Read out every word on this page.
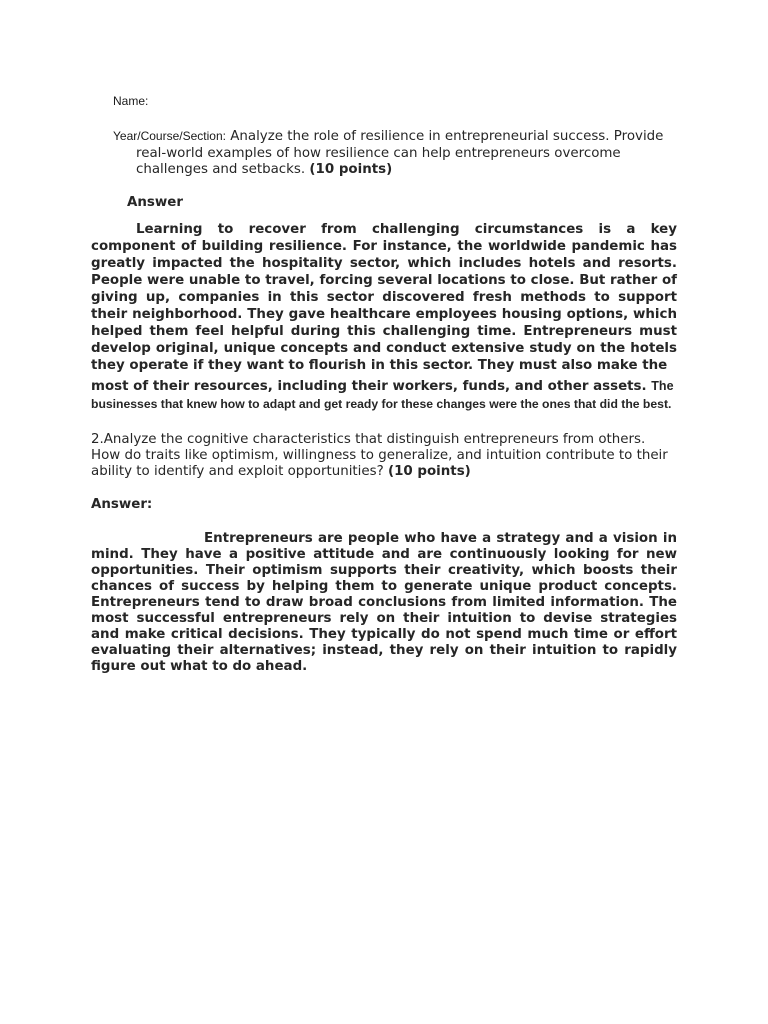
Name:
Year/Course/Section: Analyze the role of resilience in entrepreneurial success. Provide
real-world examples of how resilience can help entrepreneurs overcome challenges and setbacks. (10 points)
Answer
Learning to recover from challenging circumstances is a key component of building resilience. For instance, the worldwide pandemic has greatly impacted the hospitality sector, which includes hotels and resorts. People were unable to travel, forcing several locations to close. But rather of giving up, companies in this sector discovered fresh methods to support their neighborhood. They gave healthcare employees housing options, which helped them feel helpful during this challenging time. Entrepreneurs must develop original, unique concepts and conduct extensive study on the hotels they operate if they want to flourish in this sector. They must also make the
most of their resources, including their workers, funds, and other assets. The
businesses that knew how to adapt and get ready for these changes were the ones that did the best.
2.Analyze the cognitive characteristics that distinguish entrepreneurs from others. How do traits like optimism, willingness to generalize, and intuition contribute to their ability to identify and exploit opportunities? (10 points)
Answer:
Entrepreneurs are people who have a strategy and a vision in mind. They have a positive attitude and are continuously looking for new opportunities. Their optimism supports their creativity, which boosts their chances of success by helping them to generate unique product concepts. Entrepreneurs tend to draw broad conclusions from limited information. The most successful entrepreneurs rely on their intuition to devise strategies and make critical decisions. They typically do not spend much time or effort evaluating their alternatives; instead, they rely on their intuition to rapidly figure out what to do ahead.
